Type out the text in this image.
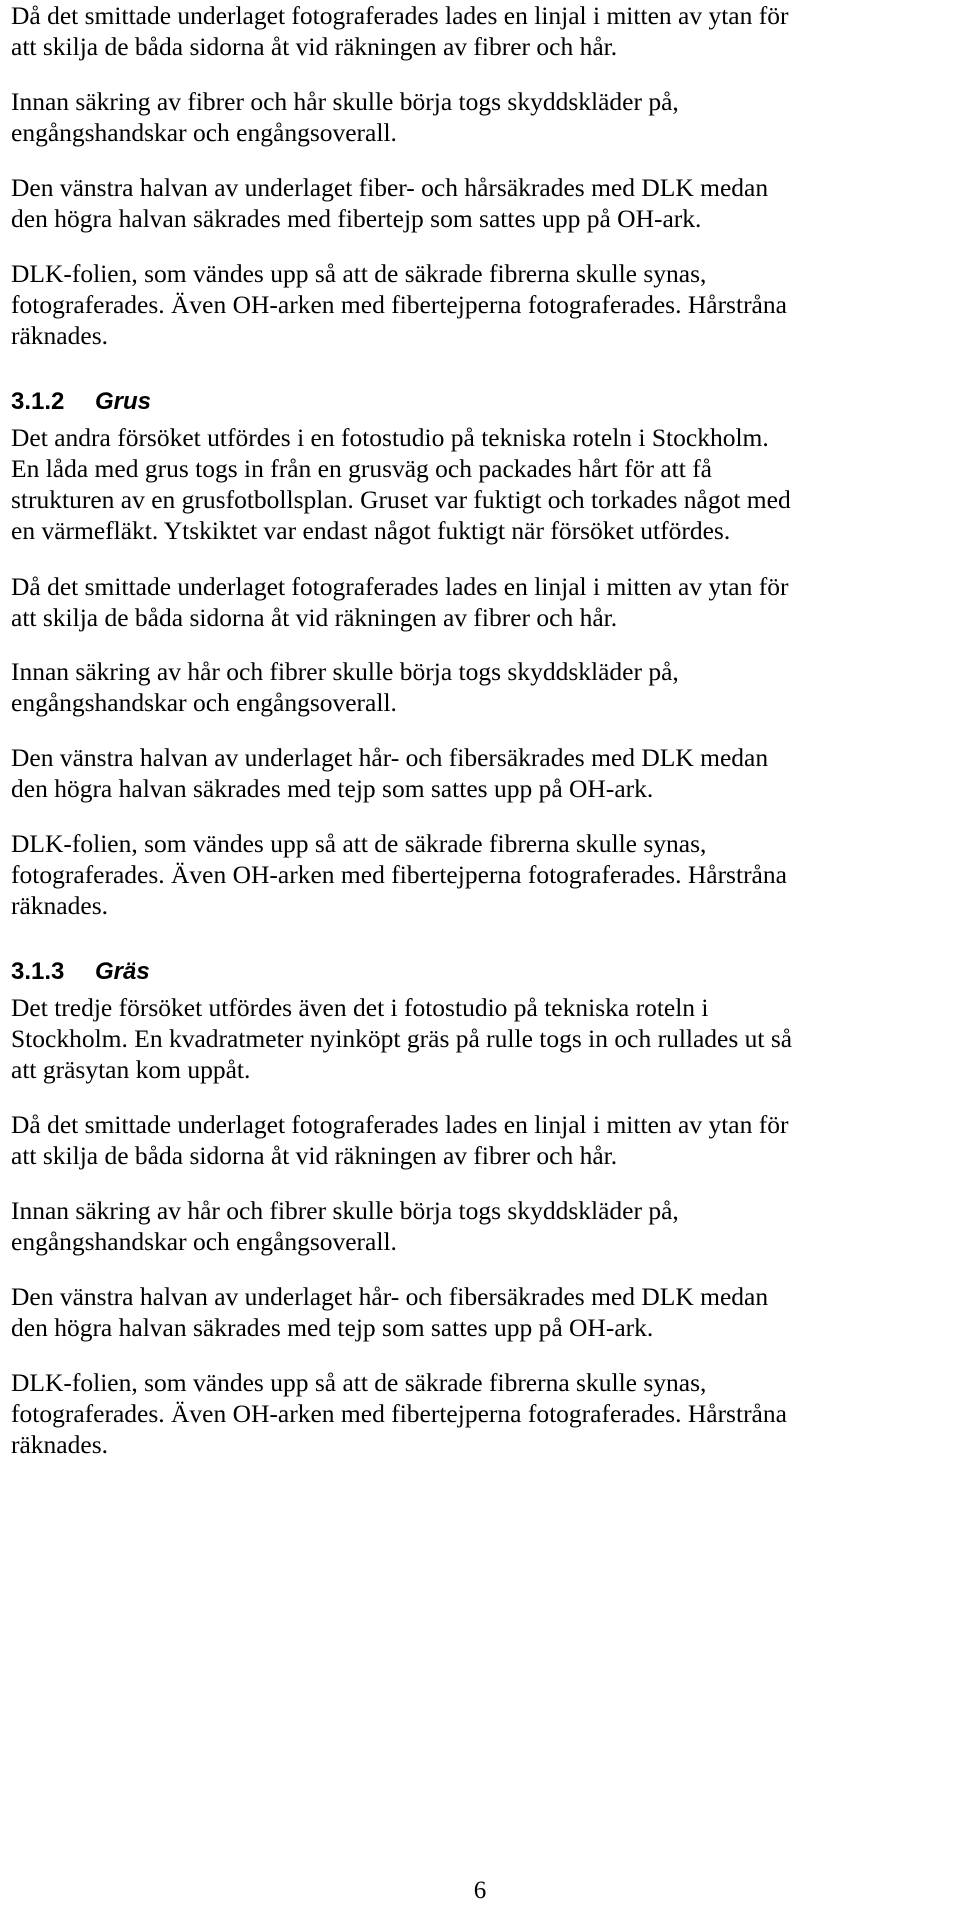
Då det smittade underlaget fotograferades lades en linjal i mitten av ytan för
att skilja de båda sidorna åt vid räkningen av fibrer och hår.

Innan säkring av fibrer och hår skulle börja togs skyddskläder på,
engångshandskar och engångsoverall.

Den vänstra halvan av underlaget fiber- och hårsäkrades med DLK medan
den högra halvan säkrades med fibertejp som sattes upp på OH-ark.

DLK-folien, som vändes upp så att de säkrade fibrerna skulle synas,
fotograferades. Även OH-arken med fibertejperna fotograferades. Hårstråna
räknades.

3.1.2 Grus

Det andra försöket utfördes i en fotostudio på tekniska roteln i Stockholm.
En låda med grus togs in från en grusväg och packades hårt för att få
strukturen av en grusfotbollsplan. Gruset var fuktigt och torkades något med
en värmefläkt. Ytskiktet var endast något fuktigt när försöket utfördes.

Då det smittade underlaget fotograferades lades en linjal i mitten av ytan för
att skilja de båda sidorna åt vid räkningen av fibrer och hår.

Innan säkring av hår och fibrer skulle börja togs skyddskläder på,
engångshandskar och engångsoverall.

Den vänstra halvan av underlaget hår- och fibersäkrades med DLK medan
den högra halvan säkrades med tejp som sattes upp på OH-ark.

DLK-folien, som vändes upp så att de säkrade fibrerna skulle synas,
fotograferades. Även OH-arken med fibertejperna fotograferades. Hårstråna
räknades.

3.1.3 Gräs

Det tredje försöket utfördes även det i fotostudio på tekniska roteln i
Stockholm. En kvadratmeter nyinköpt gräs på rulle togs in och rullades ut så
att gräsytan kom uppåt.

Då det smittade underlaget fotograferades lades en linjal i mitten av ytan för
att skilja de båda sidorna åt vid räkningen av fibrer och hår.

Innan säkring av hår och fibrer skulle börja togs skyddskläder på,
engångshandskar och engångsoverall.

Den vänstra halvan av underlaget hår- och fibersäkrades med DLK medan
den högra halvan säkrades med tejp som sattes upp på OH-ark.

DLK-folien, som vändes upp så att de säkrade fibrerna skulle synas,
fotograferades. Även OH-arken med fibertejperna fotograferades. Hårstråna
räknades.

6
